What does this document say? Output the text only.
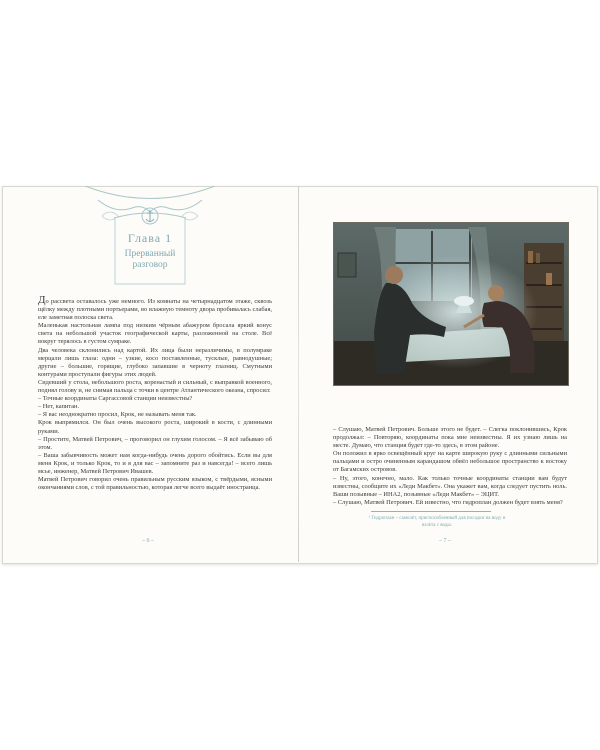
Глава 1
Прерванный разговор

До рассвета оставалось уже немного. Из комнаты на четырнадцатом этаже, сквозь щёлку между плотными портьерами, во влажную темноту двора пробивалась слабая, еле заметная полоска света.

Маленькая настольная лампа под низким чёрным абажуром бросала яркий конус света на небольшой участок географической карты, разложенной на столе. Всё вокруг терялось в густом сумраке.

Два человека склонились над картой. Их лица были неразличимы, в полумраке мерцали лишь глаза: одни – узкие, косо поставленные, тусклые, равнодушные; другие – большие, горящие, глубоко запавшие в черноту глазниц. Смутными контурами проступали фигуры этих людей.

Сидевший у стола, небольшого роста, коренастый и сильный, с выправкой военного, поднял голову и, не снимая пальца с точки в центре Атлантического океана, спросил:

– Точные координаты Саргассовой станции неизвестны?

– Нет, капитан.

– Я вас неоднократно просил, Крок, не называть меня так.

Крок выпрямился. Он был очень высокого роста, широкий в кости, с длинными руками.

– Простите, Матвей Петрович, – проговорил он глухим голосом. – Я всё забываю об этом.

– Ваша забывчивость может нам когда-нибудь очень дорого обойтись. Если вы для меня Крок, и только Крок, то и я для вас – запомните раз и навсегда! – всего лишь мсье, инженер, Матвей Петрович Ивашев.

Матвей Петрович говорил очень правильным русским языком, с твёрдыми, ясными окончаниями слов, с той правильностью, которая легче всего выдаёт иностранца.

– 6 –

– Слушаю, Матвей Петрович. Больше этого не будет. – Слегка поклонившись, Крок продолжал: – Повторяю, координаты пока мне неизвестны. Я их узнаю лишь на месте. Думаю, что станция будет где-то здесь, в этом районе.

Он положил в ярко освещённый круг на карте широкую руку с длинными сильными пальцами и остро очиненным карандашом обвёл небольшое пространство к востоку от Багамских островов.

– Ну, этого, конечно, мало. Как только точные координаты станции вам будут известны, сообщите их «Леди Макбет». Она укажет вам, когда следует пустить ноль. Ваши позывные – ИНА2, позывные «Леди Макбет» – ЭЦИТ.

– Слушаю, Матвей Петрович. Ей известно, что гидроплан должен будет взять меня?

¹ Гидроплан – самолёт, приспособленный для посадки на воду и взлёта с воды.
– 7 –
